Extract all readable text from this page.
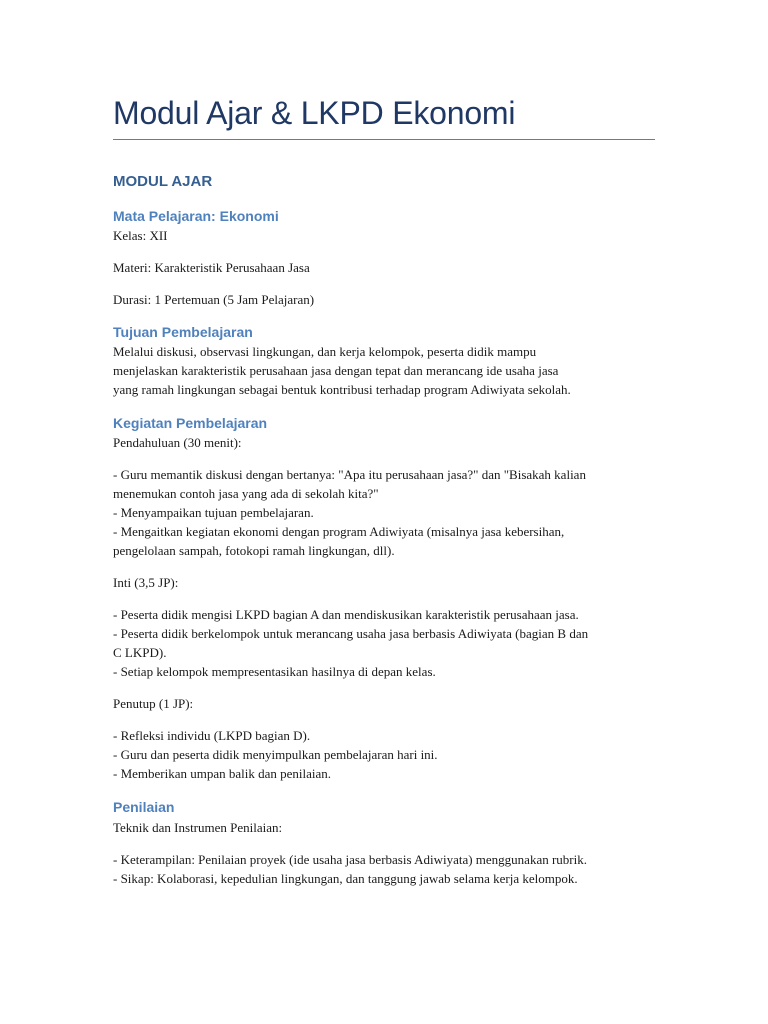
Modul Ajar & LKPD Ekonomi
MODUL AJAR
Mata Pelajaran: Ekonomi

Kelas: XII

Materi: Karakteristik Perusahaan Jasa

Durasi: 1 Pertemuan (5 Jam Pelajaran)

Tujuan Pembelajaran

Melalui diskusi, observasi lingkungan, dan kerja kelompok, peserta didik mampu
menjelaskan karakteristik perusahaan jasa dengan tepat dan merancang ide usaha jasa
yang ramah lingkungan sebagai bentuk kontribusi terhadap program Adiwiyata sekolah.

Kegiatan Pembelajaran

Pendahuluan (30 menit):

- Guru memantik diskusi dengan bertanya: "Apa itu perusahaan jasa?" dan "Bisakah kalian
menemukan contoh jasa yang ada di sekolah kita?"
- Menyampaikan tujuan pembelajaran.
- Mengaitkan kegiatan ekonomi dengan program Adiwiyata (misalnya jasa kebersihan,
pengelolaan sampah, fotokopi ramah lingkungan, dll).

Inti (3,5 JP):

- Peserta didik mengisi LKPD bagian A dan mendiskusikan karakteristik perusahaan jasa.
- Peserta didik berkelompok untuk merancang usaha jasa berbasis Adiwiyata (bagian B dan
C LKPD).
- Setiap kelompok mempresentasikan hasilnya di depan kelas.

Penutup (1 JP):

- Refleksi individu (LKPD bagian D).
- Guru dan peserta didik menyimpulkan pembelajaran hari ini.
- Memberikan umpan balik dan penilaian.

Penilaian

Teknik dan Instrumen Penilaian:

- Keterampilan: Penilaian proyek (ide usaha jasa berbasis Adiwiyata) menggunakan rubrik.
- Sikap: Kolaborasi, kepedulian lingkungan, dan tanggung jawab selama kerja kelompok.
